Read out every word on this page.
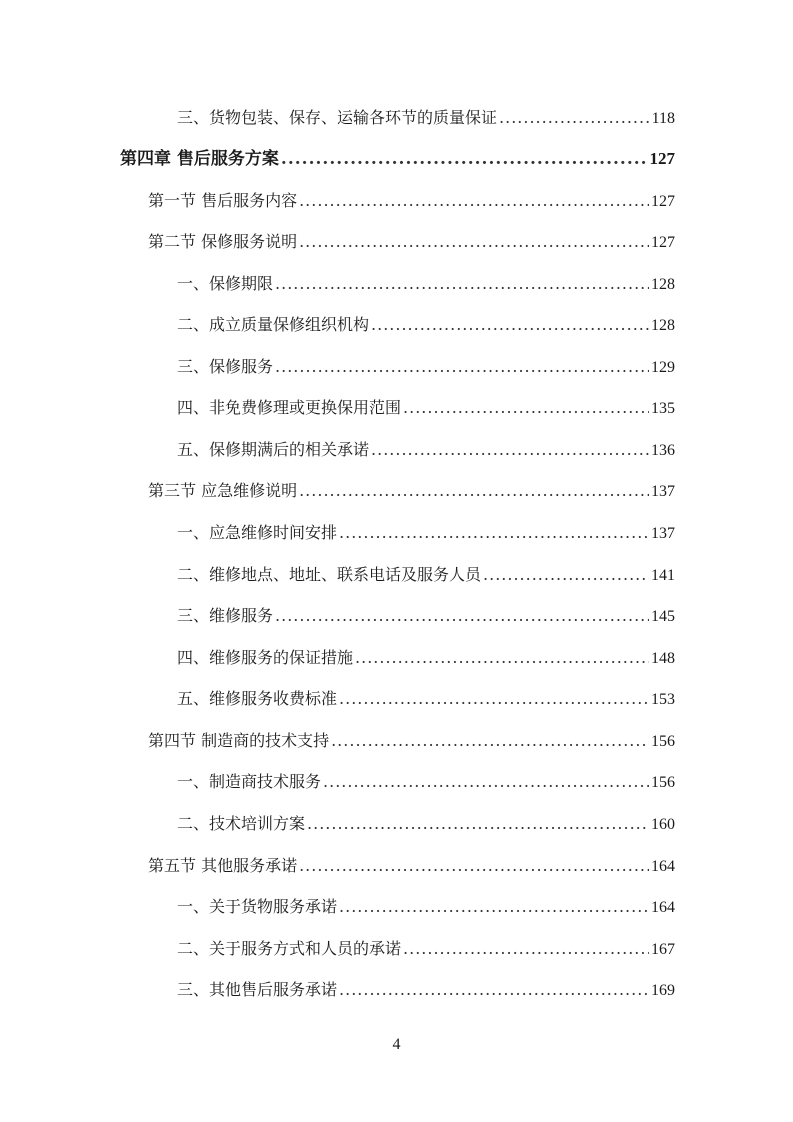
三、货物包装、保存、运输各环节的质量保证 .....	118
第四章 售后服务方案 .....	127
第一节 售后服务内容 .....	127
第二节 保修服务说明 .....	127
一、保修期限 .....	128
二、成立质量保修组织机构 .....	128
三、保修服务 .....	129
四、非免费修理或更换保用范围 .....	135
五、保修期满后的相关承诺 .....	136
第三节 应急维修说明 .....	137
一、应急维修时间安排 .....	137
二、维修地点、地址、联系电话及服务人员 .....	141
三、维修服务 .....	145
四、维修服务的保证措施 .....	148
五、维修服务收费标准 .....	153
第四节 制造商的技术支持 .....	156
一、制造商技术服务 .....	156
二、技术培训方案 .....	160
第五节 其他服务承诺 .....	164
一、关于货物服务承诺 .....	164
二、关于服务方式和人员的承诺 .....	167
三、其他售后服务承诺 .....	169
4
